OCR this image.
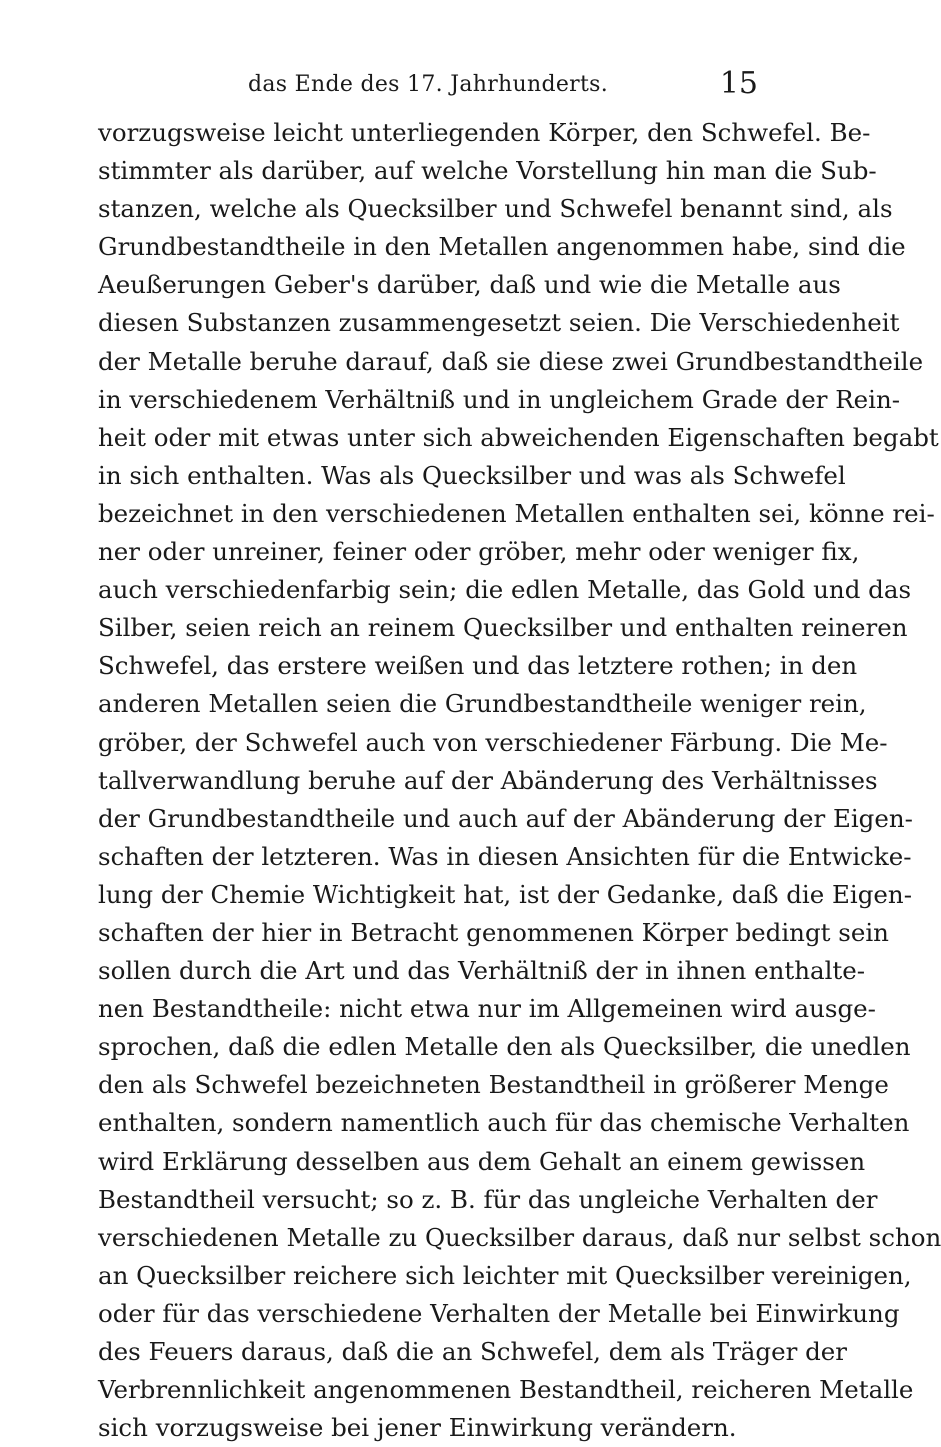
das Ende des 17. Jahrhunderts.	15
vorzugsweise leicht unterliegenden Körper, den Schwefel. Be-
stimmter als darüber, auf welche Vorstellung hin man die Sub-
stanzen, welche als Quecksilber und Schwefel benannt sind, als
Grundbestandtheile in den Metallen angenommen habe, sind die
Aeußerungen Geber's darüber, daß und wie die Metalle aus
diesen Substanzen zusammengesetzt seien. Die Verschiedenheit
der Metalle beruhe darauf, daß sie diese zwei Grundbestandtheile
in verschiedenem Verhältniß und in ungleichem Grade der Rein-
heit oder mit etwas unter sich abweichenden Eigenschaften begabt
in sich enthalten. Was als Quecksilber und was als Schwefel
bezeichnet in den verschiedenen Metallen enthalten sei, könne rei-
ner oder unreiner, feiner oder gröber, mehr oder weniger fix,
auch verschiedenfarbig sein; die edlen Metalle, das Gold und das
Silber, seien reich an reinem Quecksilber und enthalten reineren
Schwefel, das erstere weißen und das letztere rothen; in den
anderen Metallen seien die Grundbestandtheile weniger rein,
gröber, der Schwefel auch von verschiedener Färbung. Die Me-
tallverwandlung beruhe auf der Abänderung des Verhältnisses
der Grundbestandtheile und auch auf der Abänderung der Eigen-
schaften der letzteren. Was in diesen Ansichten für die Entwicke-
lung der Chemie Wichtigkeit hat, ist der Gedanke, daß die Eigen-
schaften der hier in Betracht genommenen Körper bedingt sein
sollen durch die Art und das Verhältniß der in ihnen enthalte-
nen Bestandtheile: nicht etwa nur im Allgemeinen wird ausge-
sprochen, daß die edlen Metalle den als Quecksilber, die unedlen
den als Schwefel bezeichneten Bestandtheil in größerer Menge
enthalten, sondern namentlich auch für das chemische Verhalten
wird Erklärung desselben aus dem Gehalt an einem gewissen
Bestandtheil versucht; so z. B. für das ungleiche Verhalten der
verschiedenen Metalle zu Quecksilber daraus, daß nur selbst schon
an Quecksilber reichere sich leichter mit Quecksilber vereinigen,
oder für das verschiedene Verhalten der Metalle bei Einwirkung
des Feuers daraus, daß die an Schwefel, dem als Träger der
Verbrennlichkeit angenommenen Bestandtheil, reicheren Metalle
sich vorzugsweise bei jener Einwirkung verändern.
